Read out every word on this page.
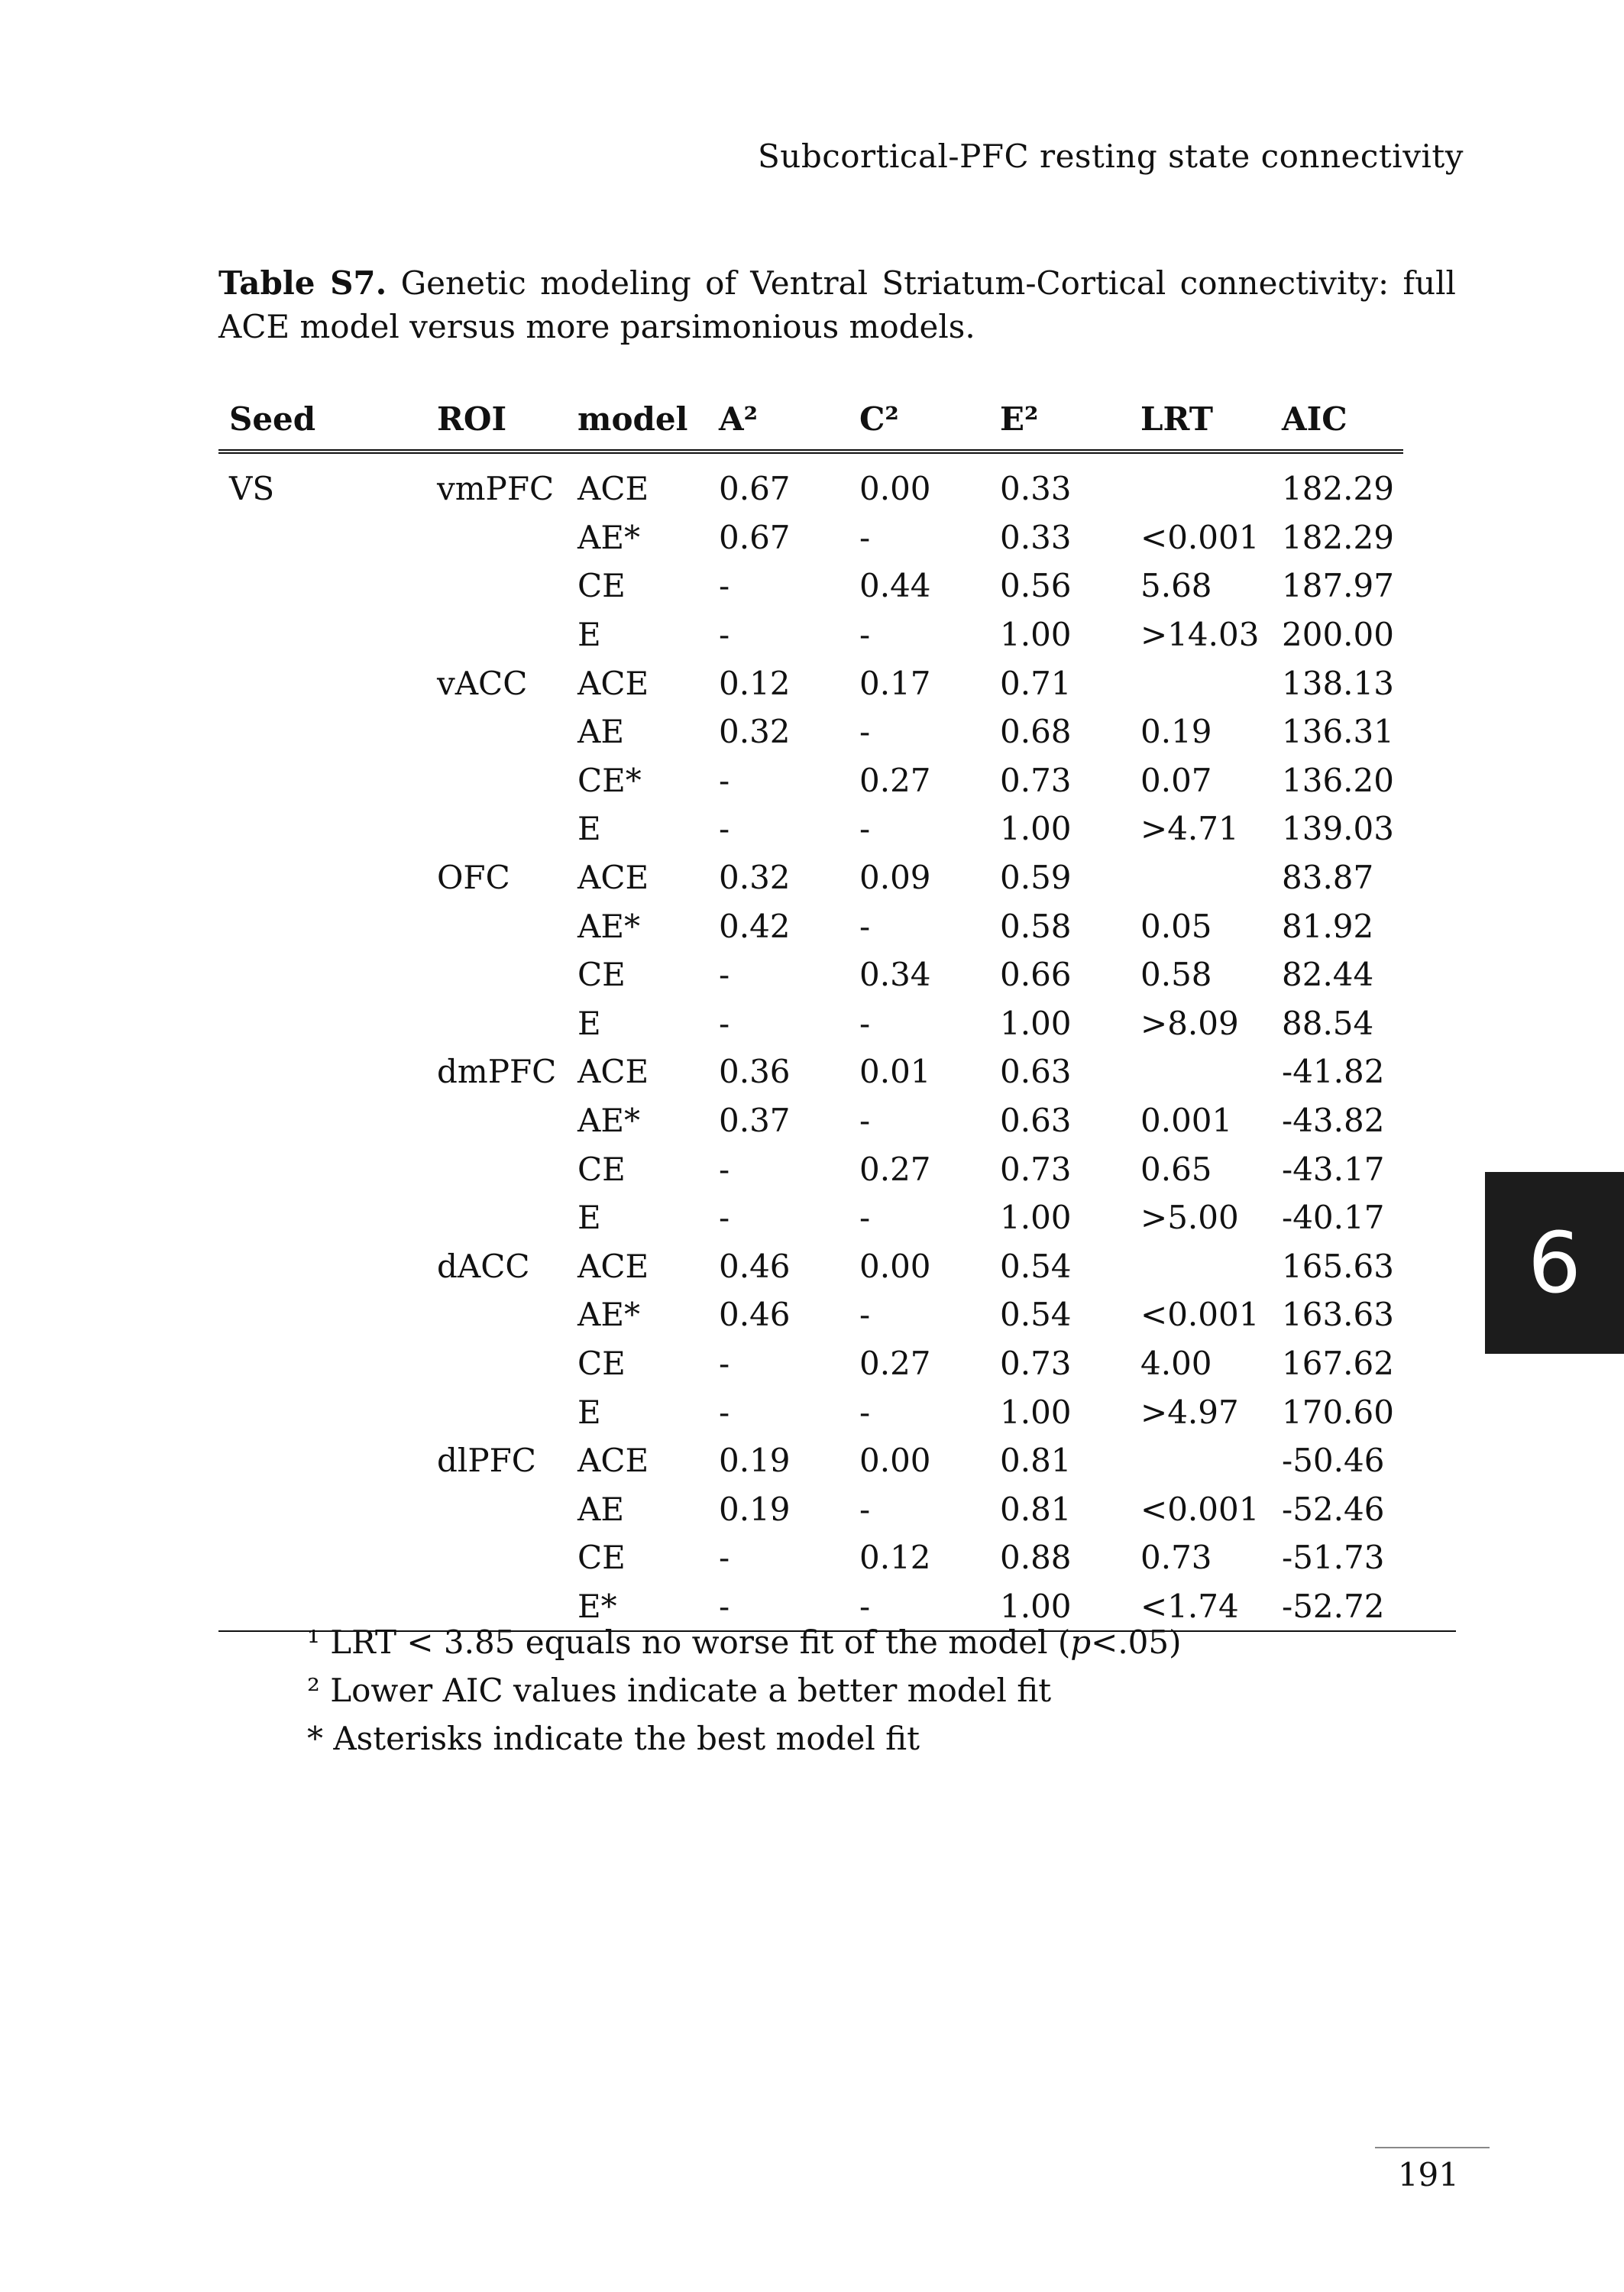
Subcortical-PFC resting state connectivity
Table S7. Genetic modeling of Ventral Striatum-Cortical connectivity: full ACE model versus more parsimonious models.
Seed	ROI	model	A²	C²	E²	LRT	AIC	
VS	vmPFC	ACE	0.67	0.00	0.33		182.29	
		AE*	0.67	-	0.33	<0.001	182.29	
		CE	-	0.44	0.56	5.68	187.97	
		E	-	-	1.00	>14.03	200.00	
	vACC	ACE	0.12	0.17	0.71		138.13	
		AE	0.32	-	0.68	0.19	136.31	
		CE*	-	0.27	0.73	0.07	136.20	
		E	-	-	1.00	>4.71	139.03	
	OFC	ACE	0.32	0.09	0.59		83.87	
		AE*	0.42	-	0.58	0.05	81.92	
		CE	-	0.34	0.66	0.58	82.44	
		E	-	-	1.00	>8.09	88.54	
	dmPFC	ACE	0.36	0.01	0.63		-41.82	
		AE*	0.37	-	0.63	0.001	-43.82	
		CE	-	0.27	0.73	0.65	-43.17	
		E	-	-	1.00	>5.00	-40.17	
	dACC	ACE	0.46	0.00	0.54		165.63	
		AE*	0.46	-	0.54	<0.001	163.63	
		CE	-	0.27	0.73	4.00	167.62	
		E	-	-	1.00	>4.97	170.60	
	dlPFC	ACE	0.19	0.00	0.81		-50.46	
		AE	0.19	-	0.81	<0.001	-52.46	
		CE	-	0.12	0.88	0.73	-51.73	
		E*	-	-	1.00	<1.74	-52.72	
¹ LRT < 3.85 equals no worse fit of the model (p<.05)
² Lower AIC values indicate a better model fit
* Asterisks indicate the best model fit
6
191
